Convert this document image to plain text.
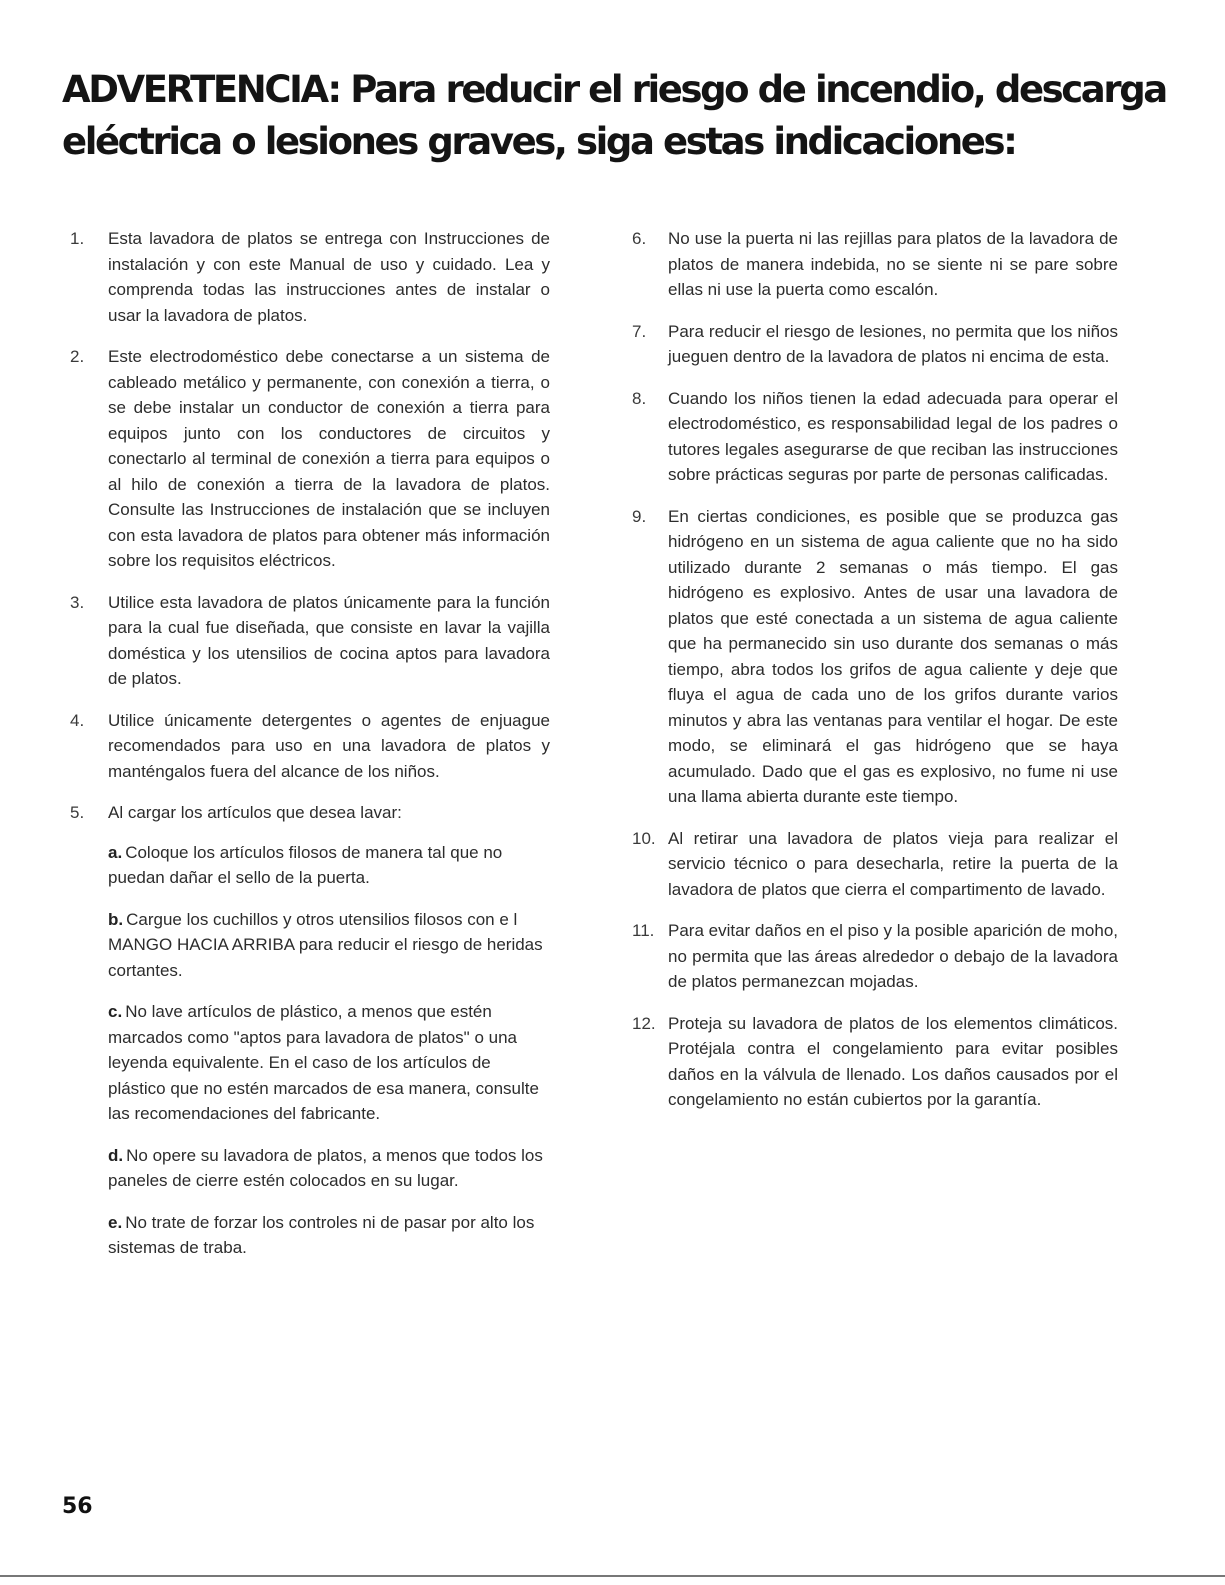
ADVERTENCIA: Para reducir el riesgo de incendio, descarga eléctrica o lesiones graves, siga estas indicaciones:
1.	Esta lavadora de platos se entrega con Instrucciones de instalación y con este Manual de uso y cuidado. Lea y comprenda todas las instrucciones antes de instalar o usar la lavadora de platos.
2.	Este electrodoméstico debe conectarse a un sistema de cableado metálico y permanente, con conexión a tierra, o se debe instalar un conductor de conexión a tierra para equipos junto con los conductores de circuitos y conectarlo al terminal de conexión a tierra para equipos o al hilo de conexión a tierra de la lavadora de platos. Consulte las Instrucciones de instalación que se incluyen con esta lavadora de platos para obtener más información sobre los requisitos eléctricos.
3.	Utilice esta lavadora de platos únicamente para la función para la cual fue diseñada, que consiste en lavar la vajilla doméstica y los utensilios de cocina aptos para lavadora de platos.
4.	Utilice únicamente detergentes o agentes de enjuague recomendados para uso en una lavadora de platos y manténgalos fuera del alcance de los niños.
5.	Al cargar los artículos que desea lavar:
a. Coloque los artículos filosos de manera tal que no puedan dañar el sello de la puerta.
b. Cargue los cuchillos y otros utensilios filosos con e l MANGO HACIA ARRIBA para reducir el riesgo de heridas cortantes.
c. No lave artículos de plástico, a menos que estén marcados como "aptos para lavadora de platos" o una leyenda equivalente. En el caso de los artículos de plástico que no estén marcados de esa manera, consulte las recomendaciones del fabricante.
d. No opere su lavadora de platos, a menos que todos los paneles de cierre estén colocados en su lugar.
e. No trate de forzar los controles ni de pasar por alto los sistemas de traba.
6.	No use la puerta ni las rejillas para platos de la lavadora de platos de manera indebida, no se siente ni se pare sobre ellas ni use la puerta como escalón.
7.	Para reducir el riesgo de lesiones, no permita que los niños jueguen dentro de la lavadora de platos ni encima de esta.
8.	Cuando los niños tienen la edad adecuada para operar el electrodoméstico, es responsabilidad legal de los padres o tutores legales asegurarse de que reciban las instrucciones sobre prácticas seguras por parte de personas calificadas.
9.	En ciertas condiciones, es posible que se produzca gas hidrógeno en un sistema de agua caliente que no ha sido utilizado durante 2 semanas o más tiempo. El gas hidrógeno es explosivo. Antes de usar una lavadora de platos que esté conectada a un sistema de agua caliente que ha permanecido sin uso durante dos semanas o más tiempo, abra todos los grifos de agua caliente y deje que fluya el agua de cada uno de los grifos durante varios minutos y abra las ventanas para ventilar el hogar. De este modo, se eliminará el gas hidrógeno que se haya acumulado. Dado que el gas es explosivo, no fume ni use una llama abierta durante este tiempo.
10. Al retirar una lavadora de platos vieja para realizar el servicio técnico o para desecharla, retire la puerta de la lavadora de platos que cierra el compartimento de lavado.
11. Para evitar daños en el piso y la posible aparición de moho, no permita que las áreas alrededor o debajo de la lavadora de platos permanezcan mojadas.
12. Proteja su lavadora de platos de los elementos climáticos. Protéjala contra el congelamiento para evitar posibles daños en la válvula de llenado. Los daños causados por el congelamiento no están cubiertos por la garantía.
56
